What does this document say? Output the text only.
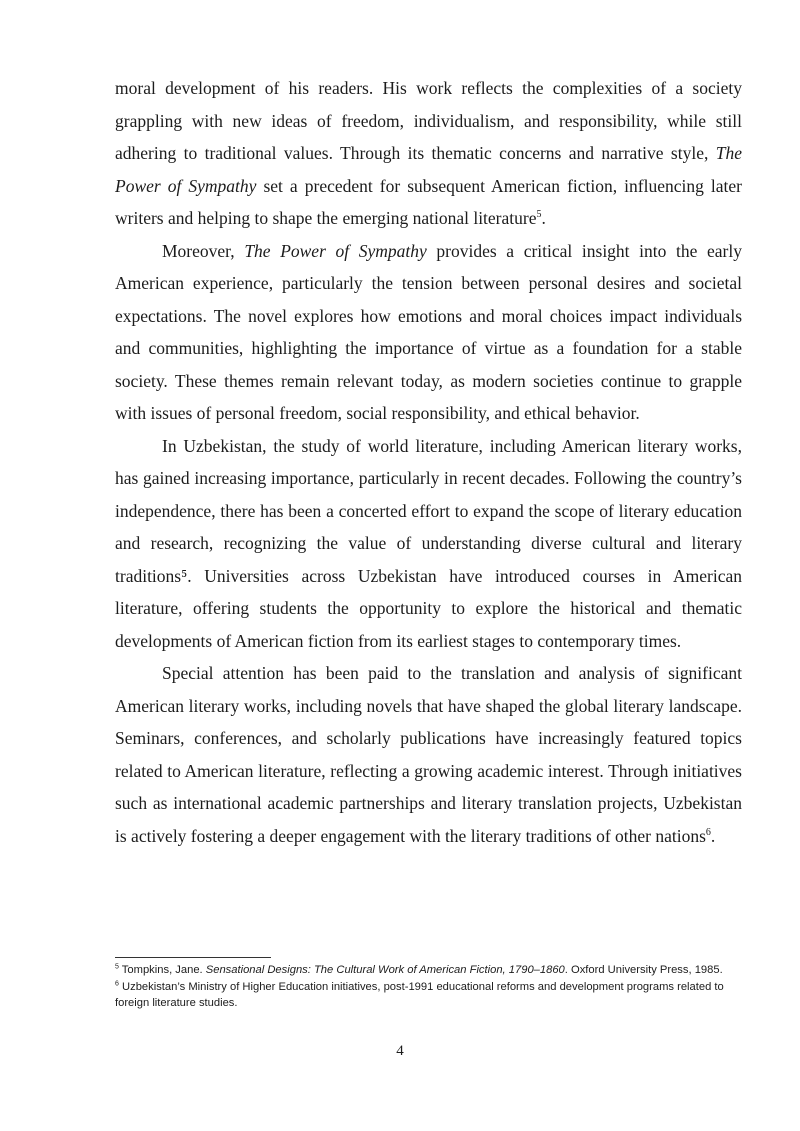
moral development of his readers. His work reflects the complexities of a society grappling with new ideas of freedom, individualism, and responsibility, while still adhering to traditional values. Through its thematic concerns and narrative style, The Power of Sympathy set a precedent for subsequent American fiction, influencing later writers and helping to shape the emerging national literature$^5$.

Moreover, The Power of Sympathy provides a critical insight into the early American experience, particularly the tension between personal desires and societal expectations. The novel explores how emotions and moral choices impact individuals and communities, highlighting the importance of virtue as a foundation for a stable society. These themes remain relevant today, as modern societies continue to grapple with issues of personal freedom, social responsibility, and ethical behavior.

In Uzbekistan, the study of world literature, including American literary works, has gained increasing importance, particularly in recent decades. Following the country’s independence, there has been a concerted effort to expand the scope of literary education and research, recognizing the value of understanding diverse cultural and literary traditions⁵. Universities across Uzbekistan have introduced courses in American literature, offering students the opportunity to explore the historical and thematic developments of American fiction from its earliest stages to contemporary times.

Special attention has been paid to the translation and analysis of significant American literary works, including novels that have shaped the global literary landscape. Seminars, conferences, and scholarly publications have increasingly featured topics related to American literature, reflecting a growing academic interest. Through initiatives such as international academic partnerships and literary translation projects, Uzbekistan is actively fostering a deeper engagement with the literary traditions of other nations$^6$.

$^5$ Tompkins, Jane. Sensational Designs: The Cultural Work of American Fiction, 1790–1860. Oxford University Press, 1985.

$^6$ Uzbekistan’s Ministry of Higher Education initiatives, post-1991 educational reforms and development programs related to foreign literature studies.

4
